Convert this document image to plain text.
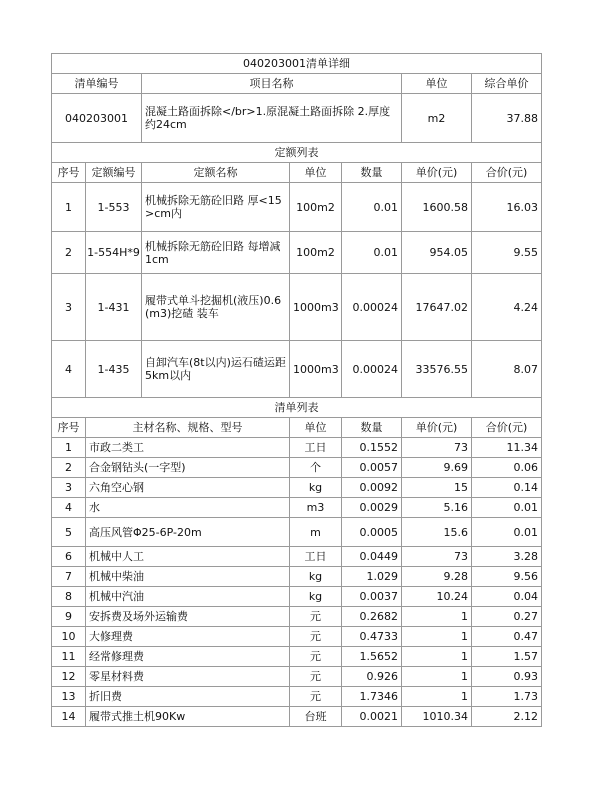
040203001清单详细						
清单编号		项目名称			单位	综合单价
040203001		混凝土路面拆除</br>1.原混凝土路面拆除 2.厚度约24cm			m2	37.88
定额列表						
序号	定额编号	定额名称	单位	数量	单价(元)	合价(元)
1	1-553	机械拆除无筋砼旧路 厚<15>cm内	100m2	0.01	1600.58	16.03
2	1-554H*9	机械拆除无筋砼旧路 每增减1cm	100m2	0.01	954.05	9.55
3	1-431	履带式单斗挖掘机(液压)0.6(m3)挖碴 装车	1000m3	0.00024	17647.02	4.24
4	1-435	自卸汽车(8t以内)运石碴运距5km以内	1000m3	0.00024	33576.55	8.07
清单列表						
序号	主材名称、规格、型号		单位	数量	单价(元)	合价(元)
1	市政二类工		工日	0.1552	73	11.34
2	合金钢钻头(一字型)		个	0.0057	9.69	0.06
3	六角空心钢		kg	0.0092	15	0.14
4	水		m3	0.0029	5.16	0.01
5	高压风管Φ25-6P-20m		m	0.0005	15.6	0.01
6	机械中人工		工日	0.0449	73	3.28
7	机械中柴油		kg	1.029	9.28	9.56
8	机械中汽油		kg	0.0037	10.24	0.04
9	安拆费及场外运输费		元	0.2682	1	0.27
10	大修理费		元	0.4733	1	0.47
11	经常修理费		元	1.5652	1	1.57
12	零星材料费		元	0.926	1	0.93
13	折旧费		元	1.7346	1	1.73
14	履带式推土机90Kw		台班	0.0021	1010.34	2.12
